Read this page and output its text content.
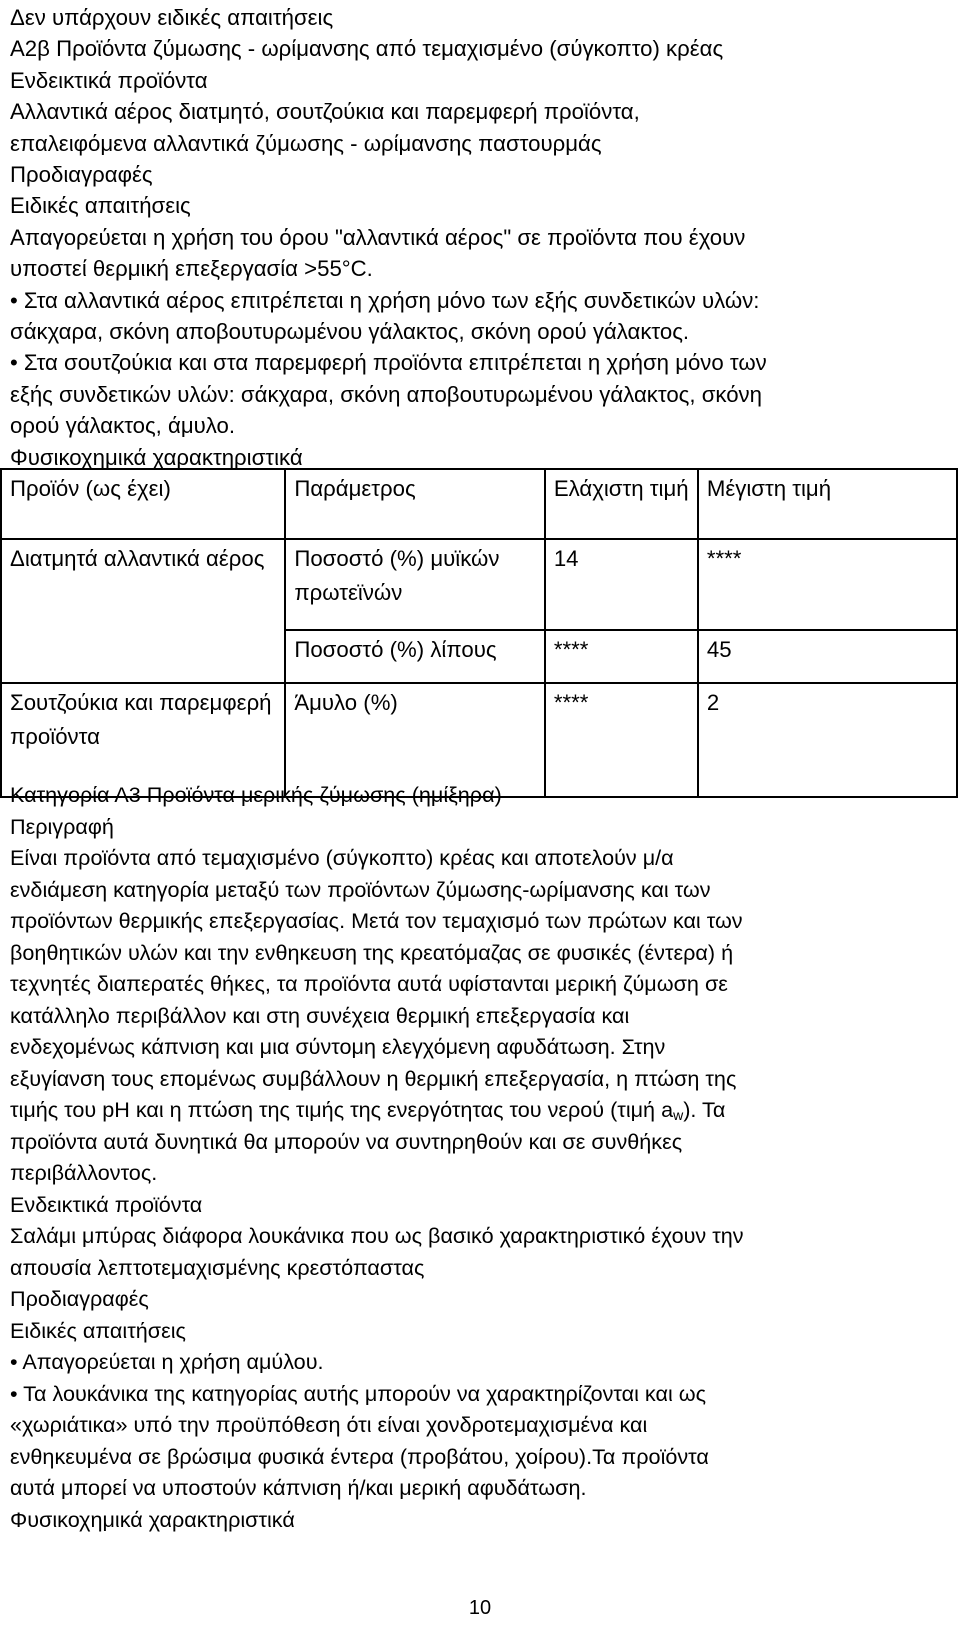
Δεν υπάρχουν ειδικές απαιτήσεις
Α2β Προϊόντα ζύμωσης - ωρίμανσης από τεμαχισμένο (σύγκοπτο) κρέας
Ενδεικτικά προϊόντα
Αλλαντικά αέρος διατμητό, σουτζούκια και παρεμφερή προϊόντα,
επαλειφόμενα αλλαντικά ζύμωσης - ωρίμανσης παστουρμάς
Προδιαγραφές
Ειδικές απαιτήσεις
Απαγορεύεται η χρήση του όρου "αλλαντικά αέρος" σε προϊόντα που έχουν
υποστεί θερμική επεξεργασία >55°C.
• Στα αλλαντικά αέρος επιτρέπεται η χρήση μόνο των εξής συνδετικών υλών:
σάκχαρα, σκόνη αποβουτυρωμένου γάλακτος, σκόνη ορού γάλακτος.
• Στα σουτζούκια και στα παρεμφερή προϊόντα επιτρέπεται η χρήση μόνο των
εξής συνδετικών υλών: σάκχαρα, σκόνη αποβουτυρωμένου γάλακτος, σκόνη
ορού γάλακτος, άμυλο.
Φυσικοχημικά χαρακτηριστικά
Προϊόν (ως έχει)	Παράμετρος	Ελάχιστη τιμή	Μέγιστη τιμή
Διατμητά αλλαντικά αέρος	Ποσοστό (%) μυϊκών πρωτεϊνών	14	****
	Ποσοστό (%) λίπους	****	45
Σουτζούκια και παρεμφερή προϊόντα	Άμυλο (%)	****	2
Κατηγορία Α3 Προϊόντα μερικής ζύμωσης (ημίξηρα)
Περιγραφή
Είναι προϊόντα από τεμαχισμένο (σύγκοπτο) κρέας και αποτελούν μ/α
ενδιάμεση κατηγορία μεταξύ των προϊόντων ζύμωσης-ωρίμανσης και των
προϊόντων θερμικής επεξεργασίας. Μετά τον τεμαχισμό των πρώτων και των
βοηθητικών υλών και την ενθηκευση της κρεατόμαζας σε φυσικές (έντερα) ή
τεχνητές διαπερατές θήκες, τα προϊόντα αυτά υφίστανται μερική ζύμωση σε
κατάλληλο περιβάλλον και στη συνέχεια θερμική επεξεργασία και
ενδεχομένως κάπνιση και μια σύντομη ελεγχόμενη αφυδάτωση. Στην
εξυγίανση τους επομένως συμβάλλουν η θερμική επεξεργασία, η πτώση της
τιμής του pH και η πτώση της τιμής της ενεργότητας του νερού (τιμή $a_w$). Τα
προϊόντα αυτά δυνητικά θα μπορούν να συντηρηθούν και σε συνθήκες
περιβάλλοντος.
Ενδεικτικά προϊόντα
Σαλάμι μπύρας διάφορα λουκάνικα που ως βασικό χαρακτηριστικό έχουν την
απουσία λεπτοτεμαχισμένης κρεστόπαστας
Προδιαγραφές
Ειδικές απαιτήσεις
• Απαγορεύεται η χρήση αμύλου.
• Τα λουκάνικα της κατηγορίας αυτής μπορούν να χαρακτηρίζονται και ως
«χωριάτικα» υπό την προϋπόθεση ότι είναι χονδροτεμαχισμένα και
ενθηκευμένα σε βρώσιμα φυσικά έντερα (προβάτου, χοίρου).Τα προϊόντα
αυτά μπορεί να υποστούν κάπνιση ή/και μερική αφυδάτωση.
Φυσικοχημικά χαρακτηριστικά
10
